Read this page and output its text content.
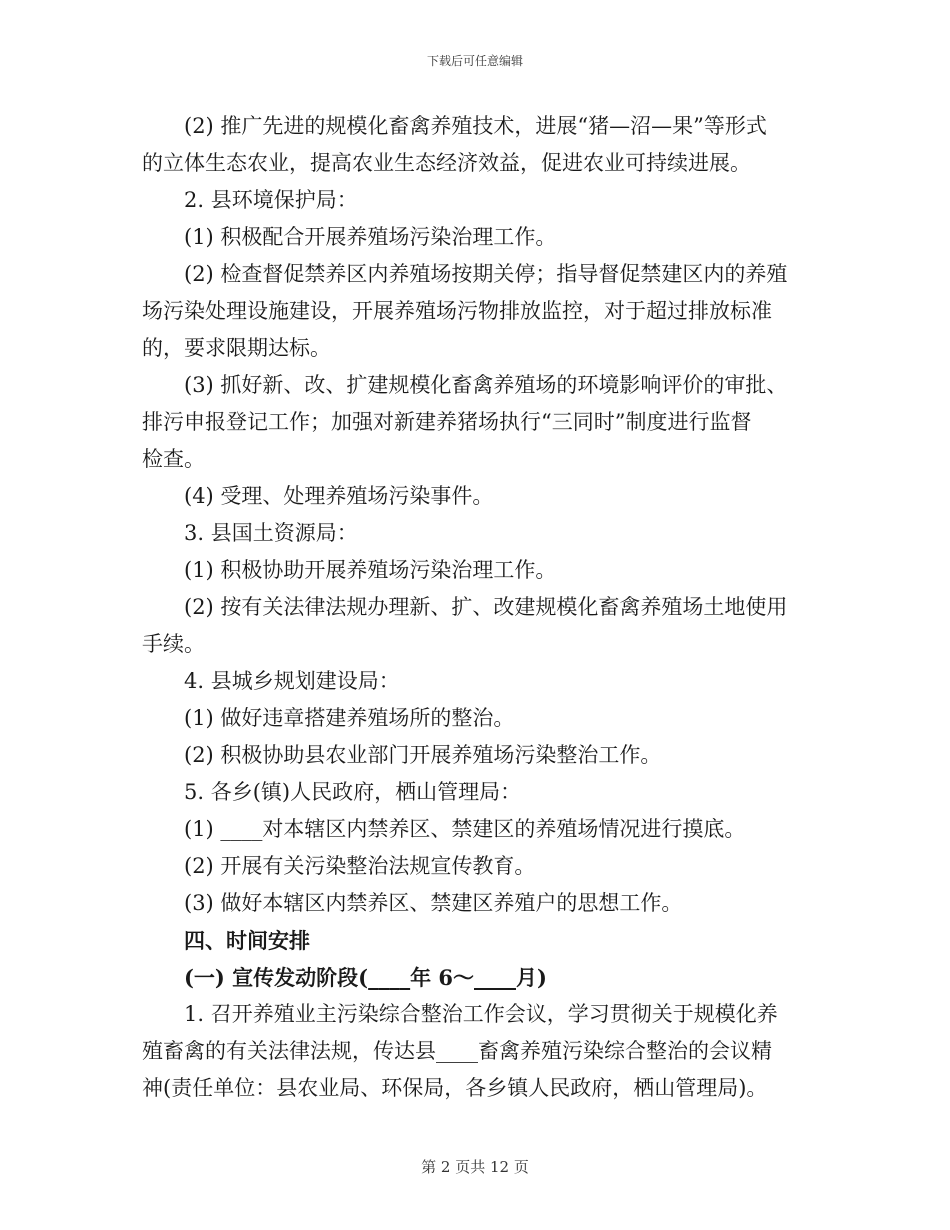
下载后可任意编辑

(2) 推广先进的规模化畜禽养殖技术，进展“猪—沼—果”等形式

的立体生态农业，提高农业生态经济效益，促进农业可持续进展。

2. 县环境保护局：

(1) 积极配合开展养殖场污染治理工作。

(2) 检查督促禁养区内养殖场按期关停；指导督促禁建区内的养殖

场污染处理设施建设，开展养殖场污物排放监控，对于超过排放标准

的，要求限期达标。

(3) 抓好新、改、扩建规模化畜禽养殖场的环境影响评价的审批、

排污申报登记工作；加强对新建养猪场执行“三同时”制度进行监督

检查。

(4) 受理、处理养殖场污染事件。

3. 县国土资源局：

(1) 积极协助开展养殖场污染治理工作。

(2) 按有关法律法规办理新、扩、改建规模化畜禽养殖场土地使用

手续。

4. 县城乡规划建设局：

(1) 做好违章搭建养殖场所的整治。

(2) 积极协助县农业部门开展养殖场污染整治工作。

5. 各乡(镇)人民政府，栖山管理局：

(1) ____对本辖区内禁养区、禁建区的养殖场情况进行摸底。

(2) 开展有关污染整治法规宣传教育。

(3) 做好本辖区内禁养区、禁建区养殖户的思想工作。

四、时间安排

(一) 宣传发动阶段(____年 6～____月)

1. 召开养殖业主污染综合整治工作会议，学习贯彻关于规模化养

殖畜禽的有关法律法规，传达县____畜禽养殖污染综合整治的会议精

神(责任单位：县农业局、环保局，各乡镇人民政府，栖山管理局)。

第 2 页共 12 页
